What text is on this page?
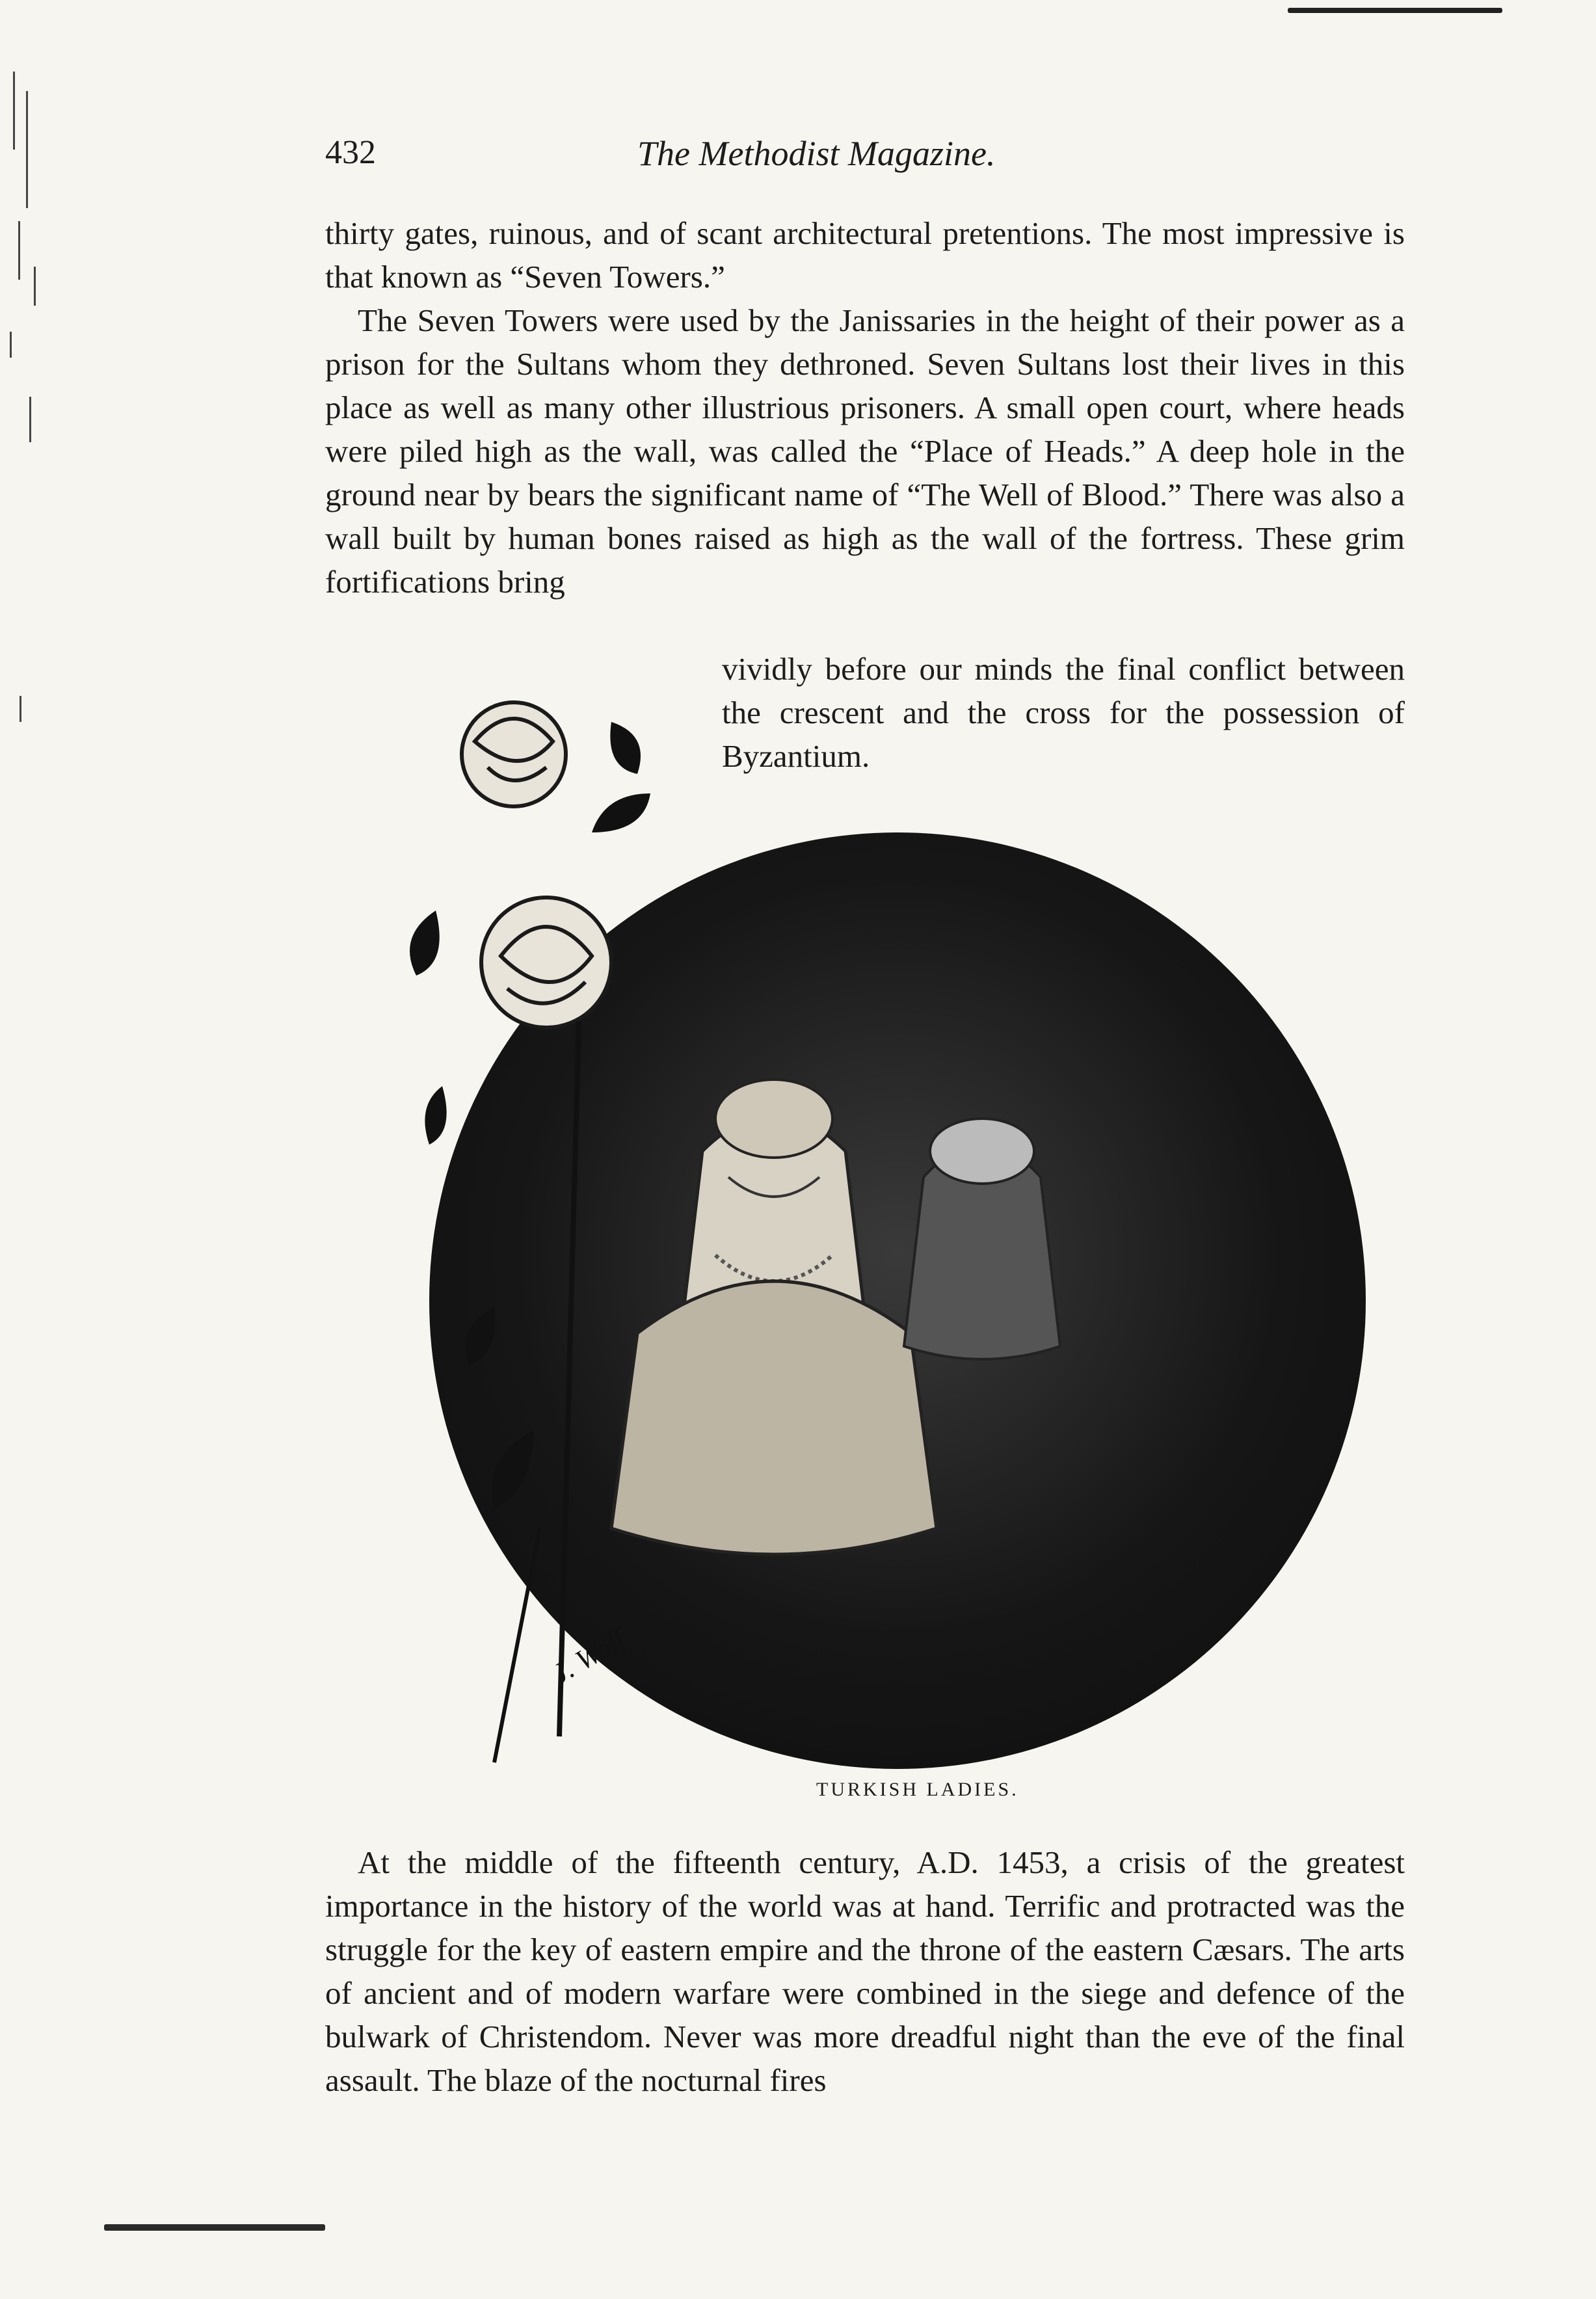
432	The Methodist Magazine.

thirty gates, ruinous, and of scant architectural pretentions. The most impressive is that known as “Seven Towers.”

The Seven Towers were used by the Janissaries in the height of their power as a prison for the Sultans whom they dethroned. Seven Sultans lost their lives in this place as well as many other illustrious prisoners. A small open court, where heads were piled high as the wall, was called the “Place of Heads.” A deep hole in the ground near by bears the significant name of “The Well of Blood.” There was also a wall built by human bones raised as high as the wall of the fortress. These grim fortifications bring

vividly before our minds the final conflict between the crescent and the cross for the possession of Byzantium.
J. Wolf
TURKISH LADIES.

At the middle of the fifteenth century, A.D. 1453, a crisis of the greatest importance in the history of the world was at hand. Terrific and protracted was the struggle for the key of eastern empire and the throne of the eastern Cæsars. The arts of ancient and of modern warfare were combined in the siege and defence of the bulwark of Christendom. Never was more dreadful night than the eve of the final assault. The blaze of the nocturnal fires
